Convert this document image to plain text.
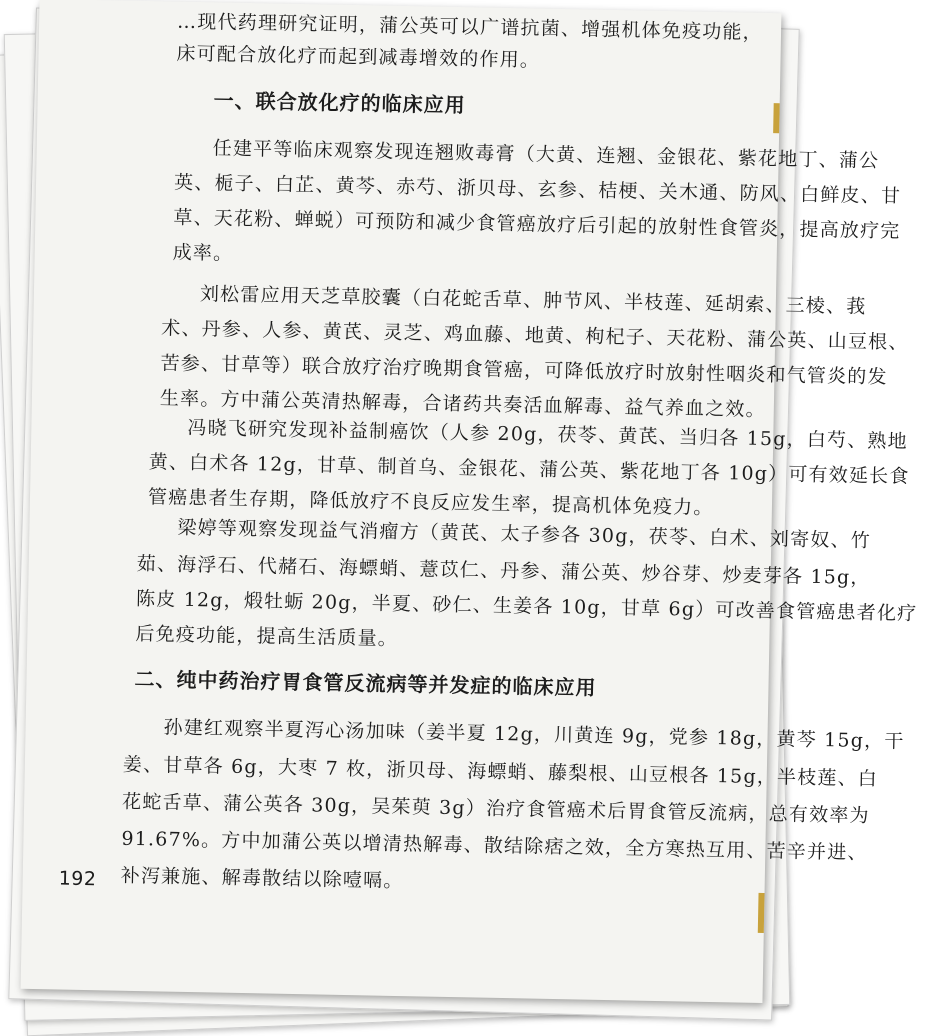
…现代药理研究证明，蒲公英可以广谱抗菌、增强机体免疫功能，
床可配合放化疗而起到减毒增效的作用。
一、联合放化疗的临床应用
任建平等临床观察发现连翘败毒膏（大黄、连翘、金银花、紫花地丁、蒲公
英、栀子、白芷、黄芩、赤芍、浙贝母、玄参、桔梗、关木通、防风、白鲜皮、甘
草、天花粉、蝉蜕）可预防和减少食管癌放疗后引起的放射性食管炎，提高放疗完
成率。
刘松雷应用天芝草胶囊（白花蛇舌草、肿节风、半枝莲、延胡索、三棱、莪
术、丹参、人参、黄芪、灵芝、鸡血藤、地黄、枸杞子、天花粉、蒲公英、山豆根、
苦参、甘草等）联合放疗治疗晚期食管癌，可降低放疗时放射性咽炎和气管炎的发
生率。方中蒲公英清热解毒，合诸药共奏活血解毒、益气养血之效。
冯晓飞研究发现补益制癌饮（人参 20g，茯苓、黄芪、当归各 15g，白芍、熟地
黄、白术各 12g，甘草、制首乌、金银花、蒲公英、紫花地丁各 10g）可有效延长食
管癌患者生存期，降低放疗不良反应发生率，提高机体免疫力。
梁婷等观察发现益气消瘤方（黄芪、太子参各 30g，茯苓、白术、刘寄奴、竹
茹、海浮石、代赭石、海螵蛸、薏苡仁、丹参、蒲公英、炒谷芽、炒麦芽各 15g，
陈皮 12g，煅牡蛎 20g，半夏、砂仁、生姜各 10g，甘草 6g）可改善食管癌患者化疗
后免疫功能，提高生活质量。
二、纯中药治疗胃食管反流病等并发症的临床应用
孙建红观察半夏泻心汤加味（姜半夏 12g，川黄连 9g，党参 18g，黄芩 15g，干
姜、甘草各 6g，大枣 7 枚，浙贝母、海螵蛸、藤梨根、山豆根各 15g，半枝莲、白
花蛇舌草、蒲公英各 30g，吴茱萸 3g）治疗食管癌术后胃食管反流病，总有效率为
91.67%。方中加蒲公英以增清热解毒、散结除痞之效，全方寒热互用、苦辛并进、
补泻兼施、解毒散结以除噎嗝。
192
